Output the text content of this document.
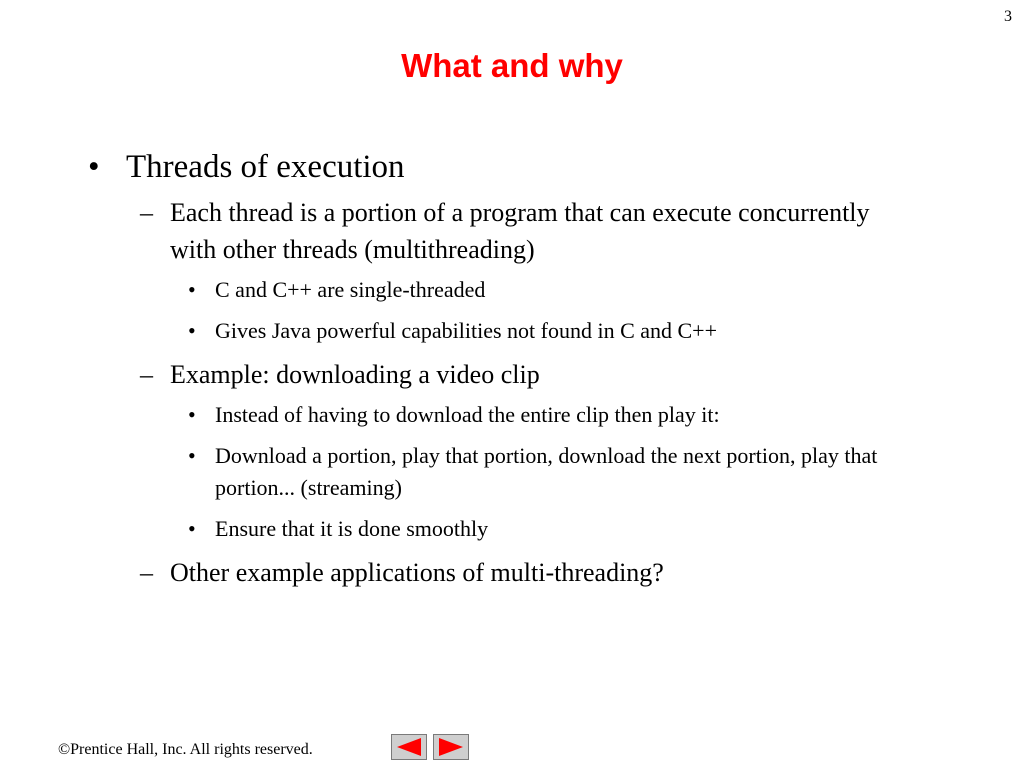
3
What and why

• Threads of execution

– Each thread is a portion of a program that can execute concurrently with other threads (multithreading)

• C and C++ are single-threaded

• Gives Java powerful capabilities not found in C and C++

– Example: downloading a video clip

• Instead of having to download the entire clip then play it:

• Download a portion, play that portion, download the next portion, play that portion... (streaming)

• Ensure that it is done smoothly

– Other example applications of multi-threading?

©Prentice Hall, Inc. All rights reserved.
